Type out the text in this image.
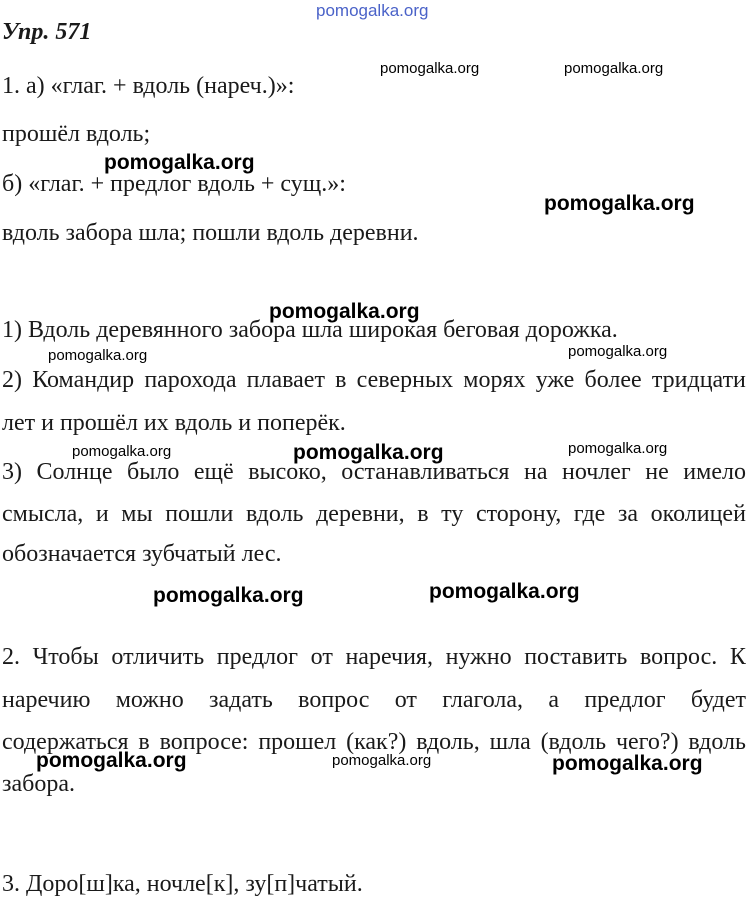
pomogalka.org
pomogalka.org	pomogalka.org
pomogalka.org
pomogalka.org
pomogalka.org
pomogalka.org	pomogalka.org
pomogalka.org	pomogalka.org	pomogalka.org
pomogalka.org	pomogalka.org
pomogalka.org	pomogalka.org	pomogalka.org
Упр. 571
1. а) «глаг. + вдоль (нареч.)»:
прошёл вдоль;
б) «глаг. + предлог вдоль + сущ.»:
вдоль забора шла; пошли вдоль деревни.
1) Вдоль деревянного забора шла широкая беговая дорожка.
2) Командир парохода плавает в северных морях уже более тридцати
лет и прошёл их вдоль и поперёк.
3) Солнце было ещё высоко, останавливаться на ночлег не имело
смысла, и мы пошли вдоль деревни, в ту сторону, где за околицей
обозначается зубчатый лес.
2. Чтобы отличить предлог от наречия, нужно поставить вопрос. К
наречию можно задать вопрос от глагола, а предлог будет
содержаться в вопросе: прошел (как?) вдоль, шла (вдоль чего?) вдоль
забора.
3. Доро[ш]ка, ночле[к], зу[п]чатый.
